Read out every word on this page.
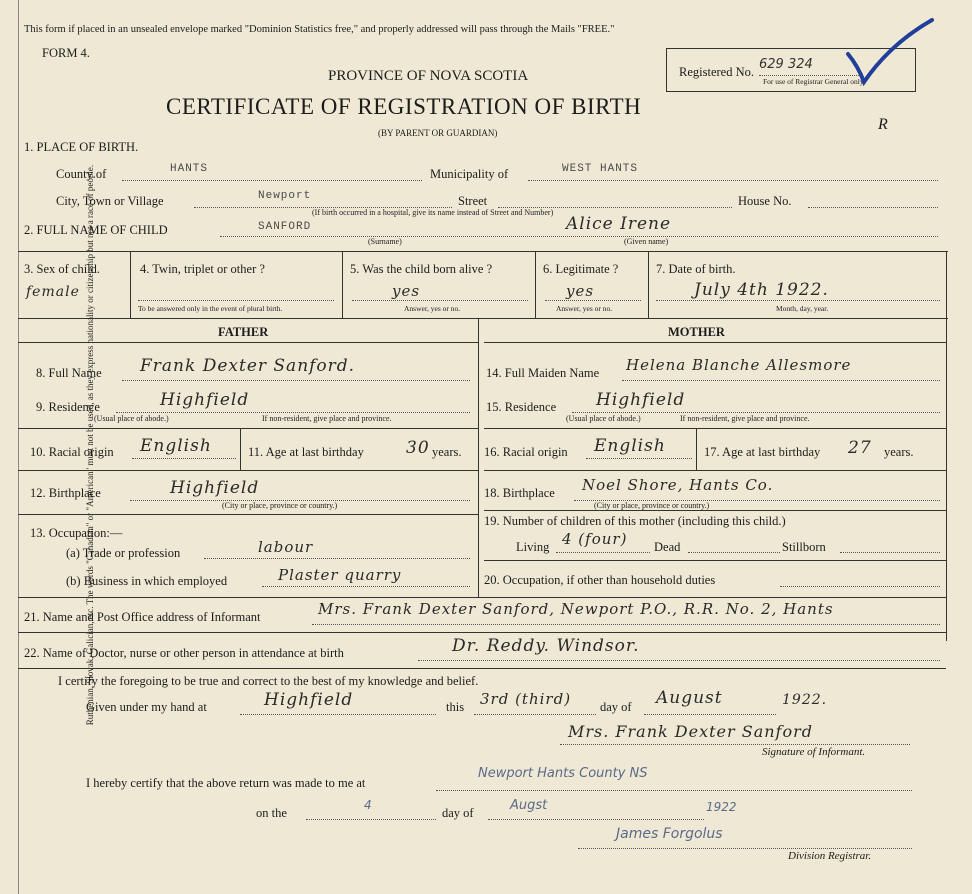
Ruthenian, Slovak, Galician, etc. The words "Canadian" or "American" must not be used, as they express nationality or citizenship but not a race of people.
This form if placed in an unsealed envelope marked "Dominion Statistics free," and properly addressed will pass through the Mails "FREE."
FORM 4.
PROVINCE OF NOVA SCOTIA
CERTIFICATE OF REGISTRATION OF BIRTH
(BY PARENT OR GUARDIAN)
Registered No. 629 324
For use of Registrar General only.
R
1. PLACE OF BIRTH.
County of	HANTS	Municipality of	WEST HANTS
City, Town or Village	Newport	Street	House No.
(If birth occurred in a hospital, give its name instead of Street and Number)
2. FULL NAME OF CHILD	SANFORD	Alice Irene
(Surname)	(Given name)
3. Sex of child.
female
4. Twin, triplet or other ?
To be answered only in the event of plural birth.
5. Was the child born alive ?
yes
Answer, yes or no.
6. Legitimate ?
yes
Answer, yes or no.
7. Date of birth.
July 4th 1922.
Month, day, year.
FATHER	MOTHER
8. Full Name Frank Dexter Sanford.
9. Residence	Highfield
(Usual place of abode.)	If non-resident, give place and province.
10. Racial origin English	11. Age at last birthday 30 years.
12. Birthplace	Highfield
(City or place, province or country.)
13. Occupation:—
(a) Trade or profession	labour
(b) Business in which employed	Plaster quarry
14. Full Maiden Name Helena Blanche Allesmore
15. Residence Highfield
(Usual place of abode.)	If non-resident, give place and province.
16. Racial origin English	17. Age at last birthday 27 years.
18. Birthplace Noel Shore, Hants Co.
(City or place, province or country.)
19. Number of children of this mother (including this child.)
Living 4 (four) Dead	Stillborn
20. Occupation, if other than household duties
21. Name and Post Office address of Informant	Mrs. Frank Dexter Sanford, Newport P.O., R.R. No. 2, Hants
22. Name of Doctor, nurse or other person in attendance at birth	Dr. Reddy. Windsor.
I certify the foregoing to be true and correct to the best of my knowledge and belief.
Given under my hand at	Highfield	this 3rd (third) day of August	1922.
Mrs. Frank Dexter Sanford
Signature of Informant.
I hereby certify that the above return was made to me at
Newport Hants County NS
on the
4
day of	Augst	1922
James Forgolus
Division Registrar.
